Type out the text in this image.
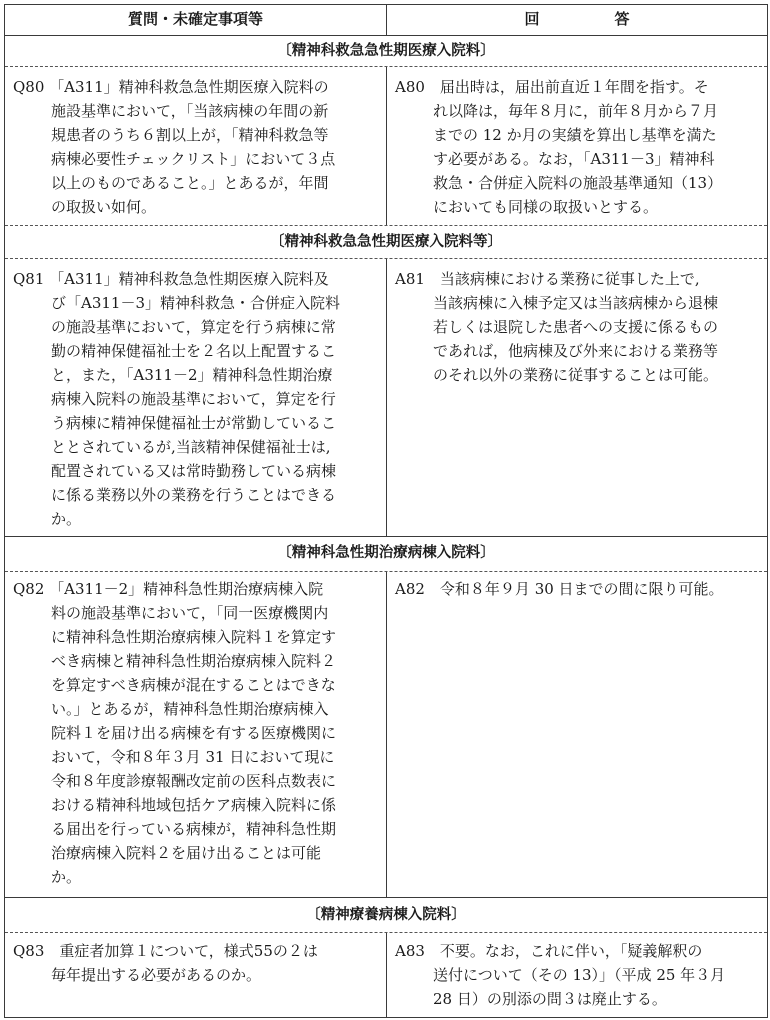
質問・未確定事項等	回　答
〔精神科救急急性期医療入院料〕
Q80 「A311」精神科救急急性期医療入院料の
施設基準において，「当該病棟の年間の新
規患者のうち６割以上が，「精神科救急等
病棟必要性チェックリスト」において３点
以上のものであること。」とあるが，年間
の取扱い如何。
A80　届出時は，届出前直近１年間を指す。そ
れ以降は，毎年８月に，前年８月から７月
までの 12 か月の実績を算出し基準を満た
す必要がある。なお，「A311－3」精神科
救急・合併症入院料の施設基準通知（13）
においても同様の取扱いとする。
〔精神科救急急性期医療入院料等〕
Q81 「A311」精神科救急急性期医療入院料及
び「A311－3」精神科救急・合併症入院料
の施設基準において，算定を行う病棟に常
勤の精神保健福祉士を２名以上配置するこ
と，また，「A311－2」精神科急性期治療
病棟入院料の施設基準において，算定を行
う病棟に精神保健福祉士が常勤しているこ
ととされているが,当該精神保健福祉士は,
配置されている又は常時勤務している病棟
に係る業務以外の業務を行うことはできる
か。
A81　当該病棟における業務に従事した上で,
当該病棟に入棟予定又は当該病棟から退棟
若しくは退院した患者への支援に係るもの
であれば，他病棟及び外来における業務等
のそれ以外の業務に従事することは可能。
〔精神科急性期治療病棟入院料〕
Q82 「A311－2」精神科急性期治療病棟入院
料の施設基準において，「同一医療機関内
に精神科急性期治療病棟入院料１を算定す
べき病棟と精神科急性期治療病棟入院料２
を算定すべき病棟が混在することはできな
い。」とあるが，精神科急性期治療病棟入
院料１を届け出る病棟を有する医療機関に
おいて，令和８年３月 31 日において現に
令和８年度診療報酬改定前の医科点数表に
おける精神科地域包括ケア病棟入院料に係
る届出を行っている病棟が，精神科急性期
治療病棟入院料２を届け出ることは可能
か。
A82　令和８年９月 30 日までの間に限り可能。
〔精神療養病棟入院料〕
Q83　重症者加算１について，様式55の２は
毎年提出する必要があるのか。
A83　不要。なお，これに伴い，「疑義解釈の
送付について（その 13）」（平成 25 年３月
28 日）の別添の問３は廃止する。
